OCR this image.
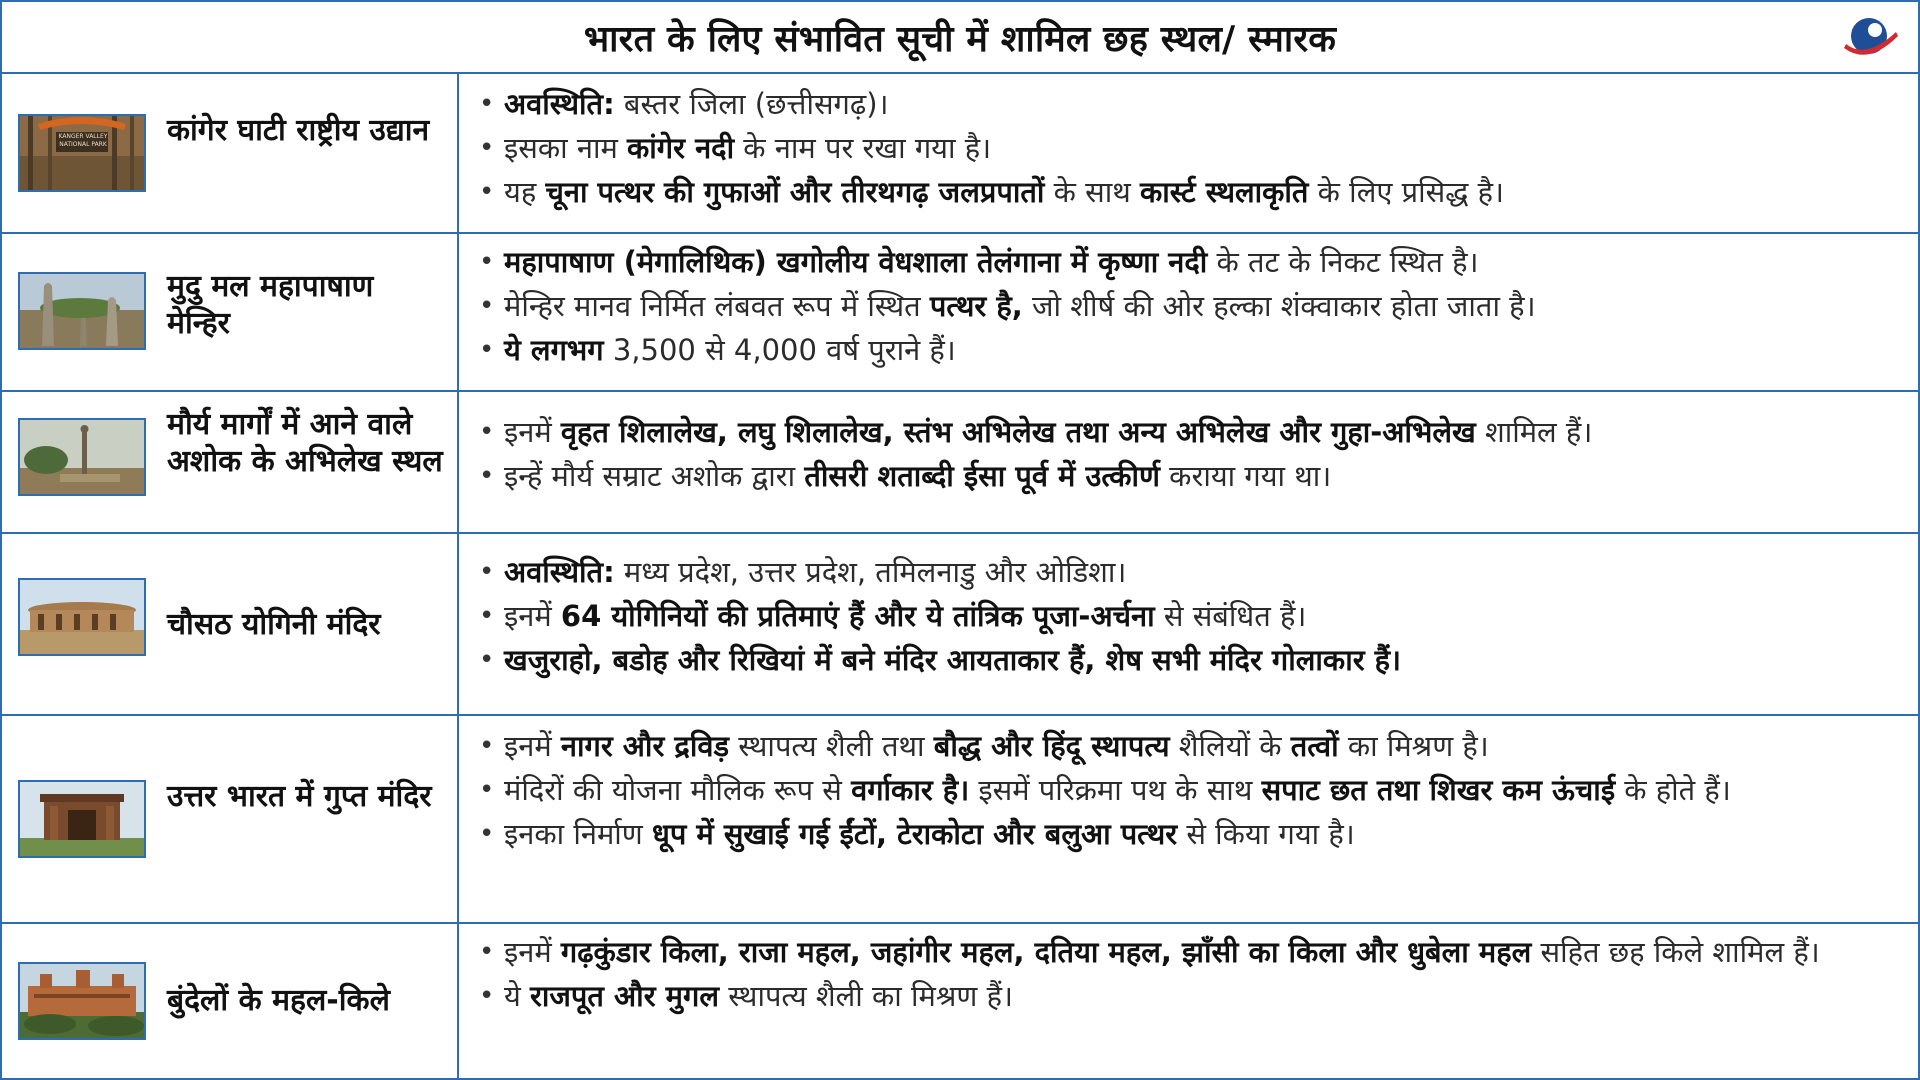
भारत के लिए संभावित सूची में शामिल छह स्थल/ स्मारक
KANGER VALLEY NATIONAL PARK कांगेर घाटी राष्ट्रीय उद्यान
• अवस्थिति: बस्तर जिला (छत्तीसगढ़)।
• इसका नाम कांगेर नदी के नाम पर रखा गया है।
• यह चूना पत्थर की गुफाओं और तीरथगढ़ जलप्रपातों के साथ कार्स्ट स्थलाकृति के लिए प्रसिद्ध है।
मुदु मल महापाषाण मेन्हिर
• महापाषाण (मेगालिथिक) खगोलीय वेधशाला तेलंगाना में कृष्णा नदी के तट के निकट स्थित है।
• मेन्हिर मानव निर्मित लंबवत रूप में स्थित पत्थर है, जो शीर्ष की ओर हल्का शंक्वाकार होता जाता है।
• ये लगभग 3,500 से 4,000 वर्ष पुराने हैं।
मौर्य मार्गों में आने वाले अशोक के अभिलेख स्थल
• इनमें वृहत शिलालेख, लघु शिलालेख, स्तंभ अभिलेख तथा अन्य अभिलेख और गुहा-अभिलेख शामिल हैं।
• इन्हें मौर्य सम्राट अशोक द्वारा तीसरी शताब्दी ईसा पूर्व में उत्कीर्ण कराया गया था।
चौसठ योगिनी मंदिर
• अवस्थिति: मध्य प्रदेश, उत्तर प्रदेश, तमिलनाडु और ओडिशा।
• इनमें 64 योगिनियों की प्रतिमाएं हैं और ये तांत्रिक पूजा-अर्चना से संबंधित हैं।
• खजुराहो, बडोह और रिखियां में बने मंदिर आयताकार हैं, शेष सभी मंदिर गोलाकार हैं।
उत्तर भारत में गुप्त मंदिर
• इनमें नागर और द्रविड़ स्थापत्य शैली तथा बौद्ध और हिंदू स्थापत्य शैलियों के तत्वों का मिश्रण है।
• मंदिरों की योजना मौलिक रूप से वर्गाकार है। इसमें परिक्रमा पथ के साथ सपाट छत तथा शिखर कम ऊंचाई के होते हैं।
• इनका निर्माण धूप में सुखाई गई ईंटों, टेराकोटा और बलुआ पत्थर से किया गया है।
बुंदेलों के महल-किले
• इनमें गढ़कुंडार किला, राजा महल, जहांगीर महल, दतिया महल, झाँसी का किला और धुबेला महल सहित छह किले शामिल हैं।
• ये राजपूत और मुगल स्थापत्य शैली का मिश्रण हैं।
